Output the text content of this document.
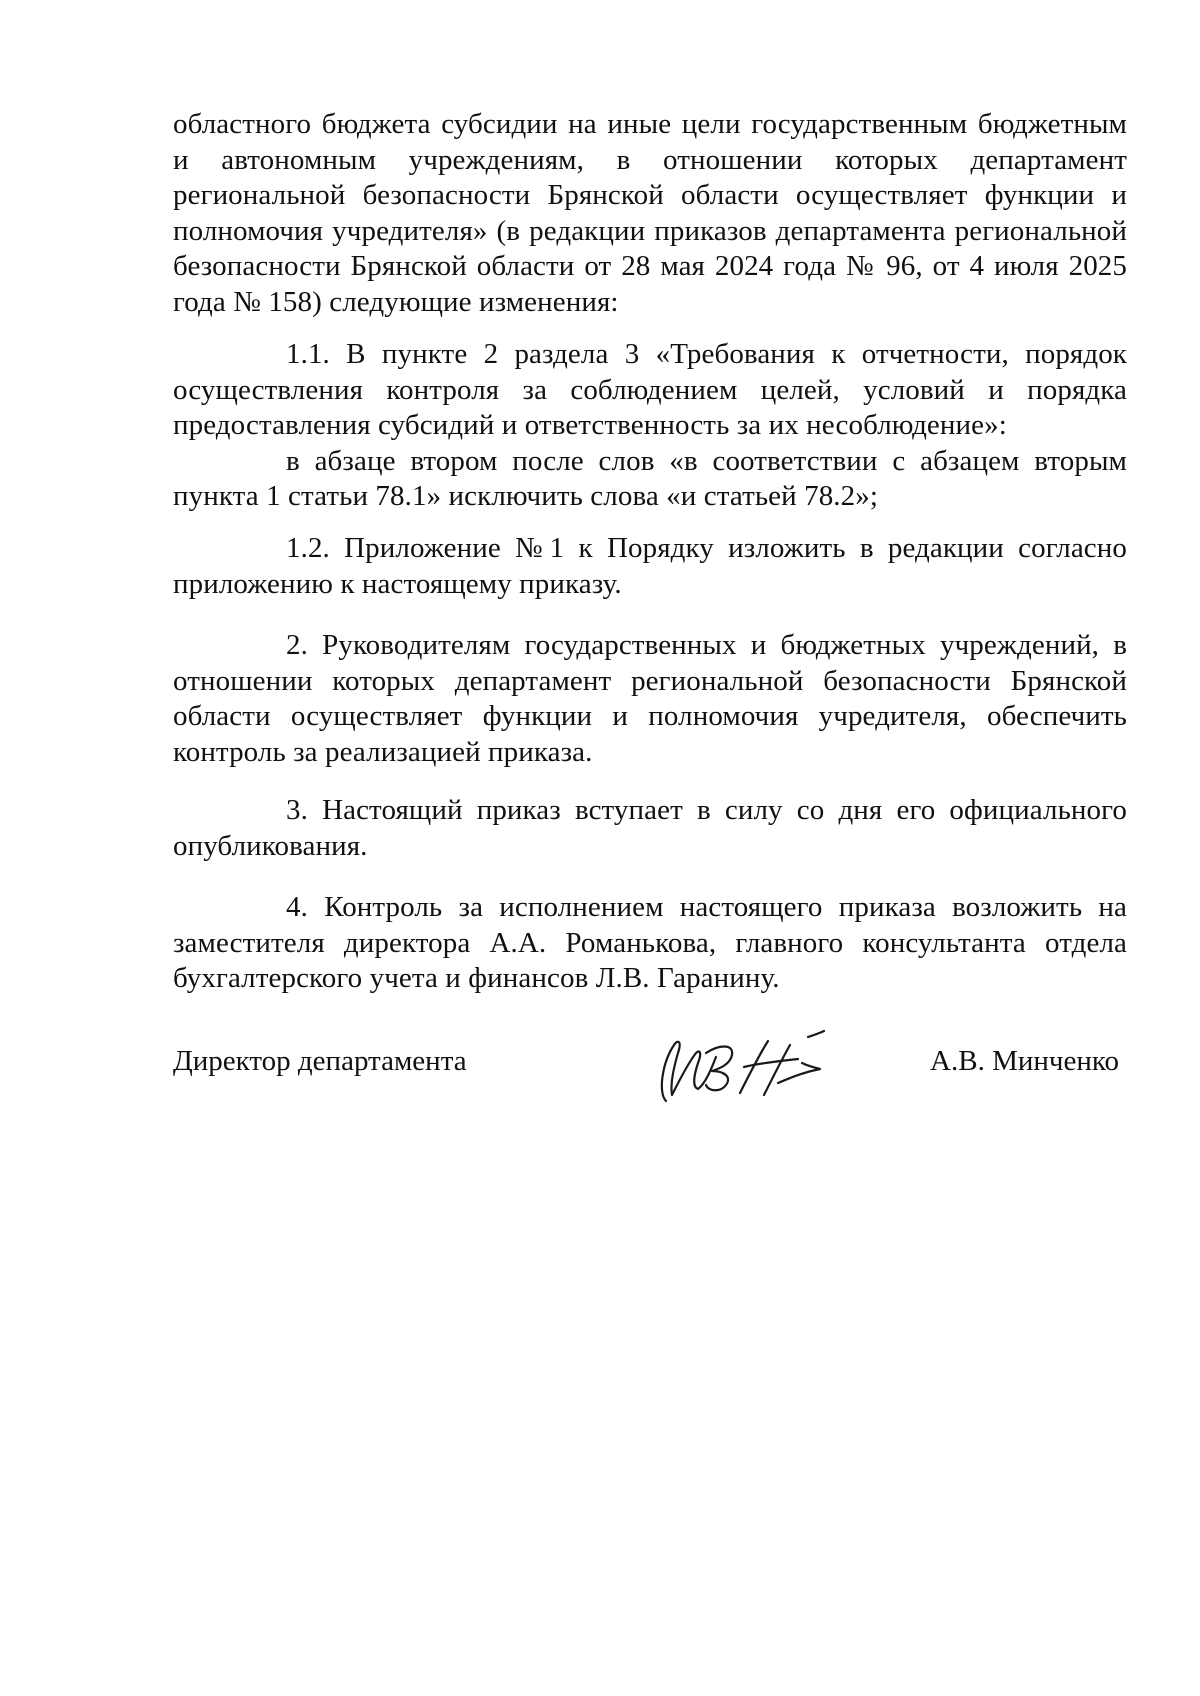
областного бюджета субсидии на иные цели государственным бюджетным и автономным учреждениям, в отношении которых департамент региональной безопасности Брянской области осуществляет функции и полномочия учредителя» (в редакции приказов департамента региональной безопасности Брянской области от 28 мая 2024 года № 96, от 4 июля 2025 года № 158) следующие изменения:

1.1. В пункте 2 раздела 3 «Требования к отчетности, порядок осуществления контроля за соблюдением целей, условий и порядка предоставления субсидий и ответственность за их несоблюдение»:

в абзаце втором после слов «в соответствии с абзацем вторым пункта 1 статьи 78.1» исключить слова «и статьей 78.2»;

1.2. Приложение №1 к Порядку изложить в редакции согласно приложению к настоящему приказу.

2. Руководителям государственных и бюджетных учреждений, в отношении которых департамент региональной безопасности Брянской области осуществляет функции и полномочия учредителя, обеспечить контроль за реализацией приказа.

3. Настоящий приказ вступает в силу со дня его официального опубликования.

4. Контроль за исполнением настоящего приказа возложить на заместителя директора А.А. Романькова, главного консультанта отдела бухгалтерского учета и финансов Л.В. Гаранину.

Директор департамента	А.В. Минченко
